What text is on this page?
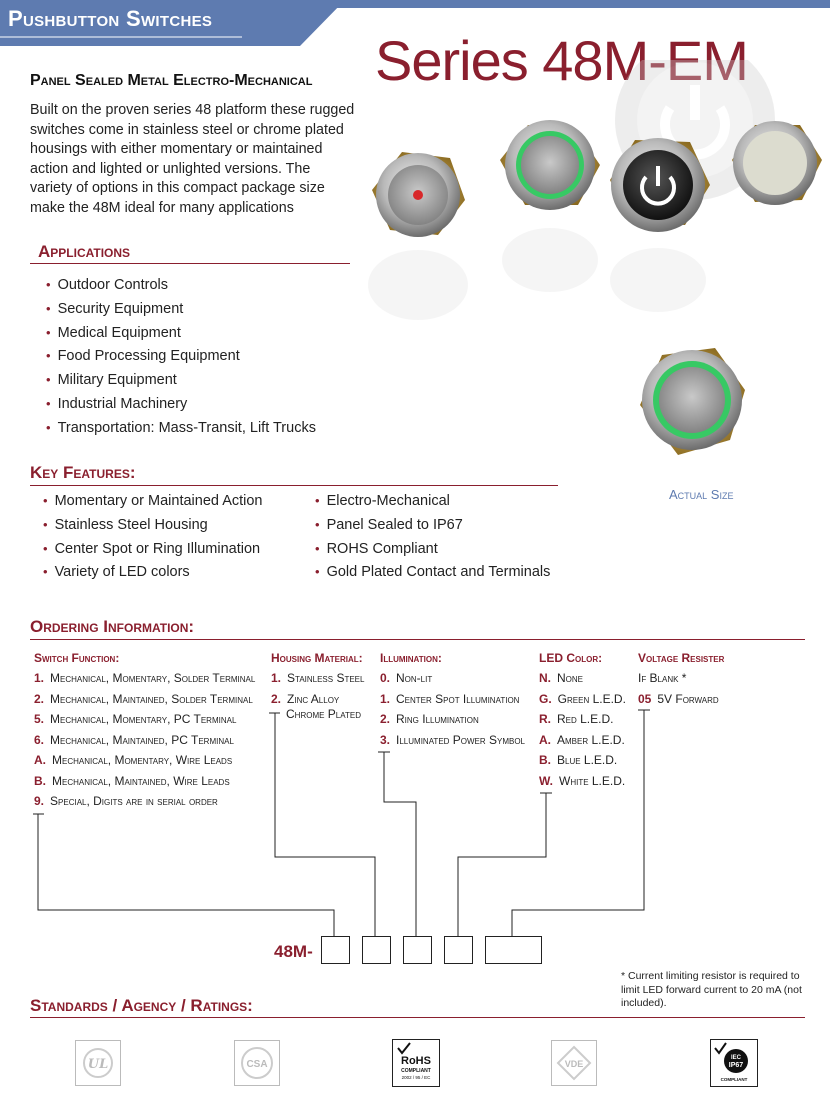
Pushbutton Switches
Series 48M-EM
Panel Sealed Metal Electro-Mechanical
Built on the proven series 48 platform these rugged
switches come in stainless steel or chrome plated
housings with either momentary or maintained
action and lighted or unlighted versions. The
variety of options in this compact package size
make the 48M ideal for many applications
Actual Size
Applications
• Outdoor Controls
• Security Equipment
• Medical Equipment
• Food Processing Equipment
• Military Equipment
• Industrial Machinery
• Transportation: Mass-Transit, Lift Trucks
Key Features:
• Momentary or Maintained Action
• Stainless Steel Housing
• Center Spot or Ring Illumination
• Variety of LED colors
• Electro-Mechanical
• Panel Sealed to IP67
• ROHS Compliant
• Gold Plated Contact and Terminals
Ordering Information:
Switch Function:
1. Mechanical, Momentary, Solder Terminal
2. Mechanical, Maintained, Solder Terminal
5. Mechanical, Momentary, PC Terminal
6. Mechanical, Maintained, PC Terminal
A. Mechanical, Momentary, Wire Leads
B. Mechanical, Maintained, Wire Leads
9. Special, Digits are in serial order
Housing Material:
1. Stainless Steel
2. Zinc Alloy
Chrome Plated
Illumination:
0. Non-lit
1. Center Spot Illumination
2. Ring Illumination
3. Illuminated Power Symbol
LED Color:
N. None
G. Green L.E.D.
R. Red L.E.D.
A. Amber L.E.D.
B. Blue L.E.D.
W. White L.E.D.
Voltage Resister
If Blank *
05 5V Forward
48M-
* Current limiting resistor is required to limit LED forward current to 20 mA (not included).
Standards / Agency / Ratings:
UL	CSA	RoHS
COMPLIANT
2002 / 95 / EC
VDE
IEC
IP67
COMPLIANT
